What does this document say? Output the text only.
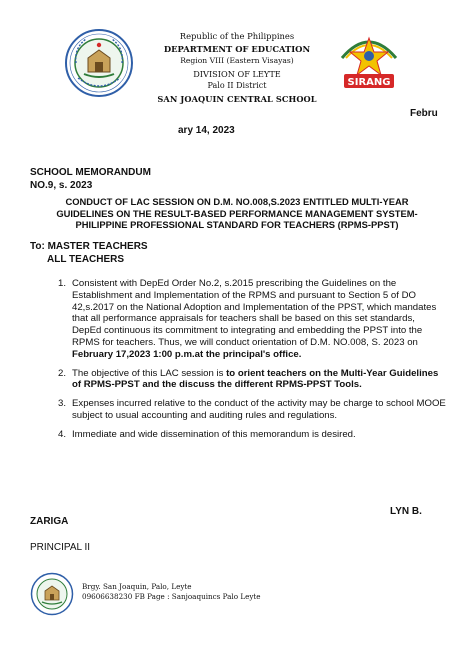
Republic of the Philippines
DEPARTMENT OF EDUCATION
Region VIII (Eastern Visayas)
DIVISION OF LEYTE
Palo II District
SAN JOAQUIN CENTRAL SCHOOL
SIRANG
Febru
ary 14, 2023
SCHOOL MEMORANDUM
NO.9, s. 2023
CONDUCT OF LAC SESSION ON D.M. NO.008,S.2023 ENTITLED MULTI-YEAR
GUIDELINES ON THE RESULT-BASED PERFORMANCE MANAGEMENT SYSTEM-
PHILIPPINE PROFESSIONAL STANDARD FOR TEACHERS (RPMS-PPST)
To: MASTER TEACHERS
ALL TEACHERS
1. Consistent with DepEd Order No.2, s.2015 prescribing the Guidelines on the Establishment and Implementation of the RPMS and pursuant to Section 5 of DO 42,s.2017 on the National Adoption and Implementation of the PPST, which mandates that all performance appraisals for teachers shall be based on this set standards, DepEd continuous its commitment to integrating and embedding the PPST into the RPMS for teachers. Thus, we will conduct orientation of D.M. NO.008, S. 2023 on February 17,2023 1:00 p.m.at the principal's office.
2. The objective of this LAC session is to orient teachers on the Multi-Year Guidelines of RPMS-PPST and the discuss the different RPMS-PPST Tools.
3. Expenses incurred relative to the conduct of the activity may be charge to school MOOE subject to usual accounting and auditing rules and regulations.
4. Immediate and wide dissemination of this memorandum is desired.
LYN B.
ZARIGA
PRINCIPAL II
Brgy. San Joaquin, Palo, Leyte
09606638230 FB Page : Sanjoaquincs Palo Leyte
